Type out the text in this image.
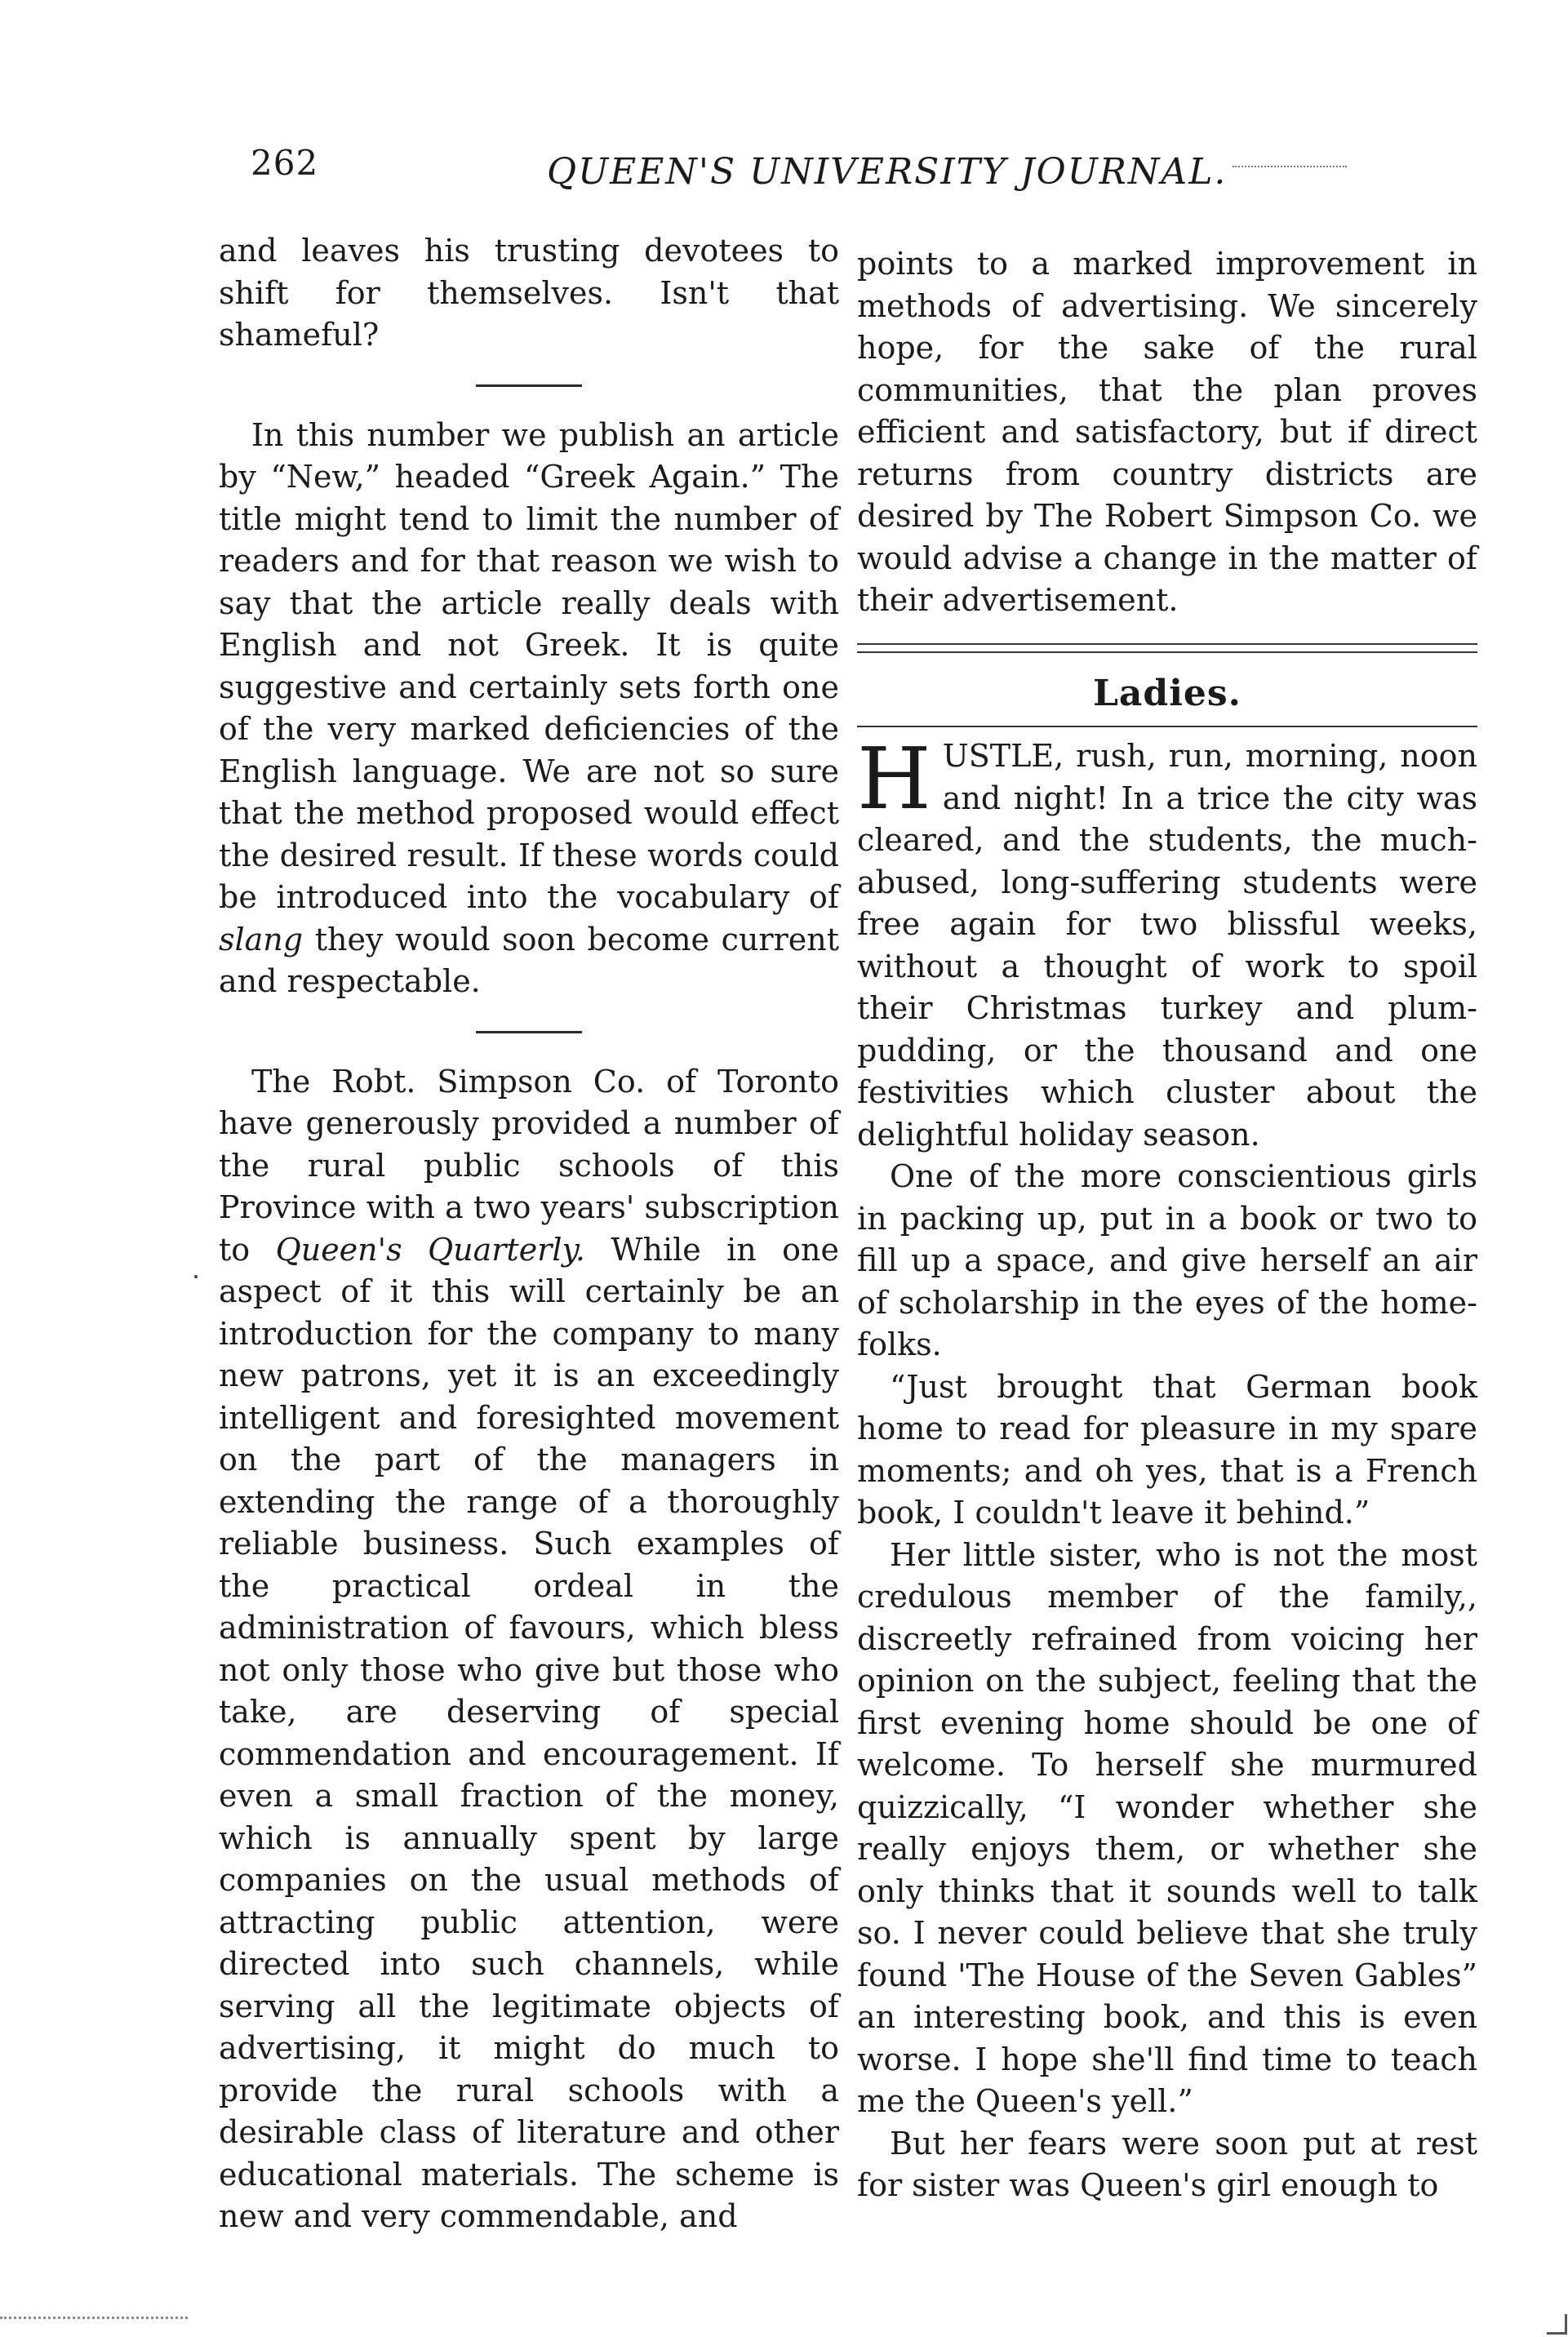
262	QUEEN'S UNIVERSITY JOURNAL.

and leaves his trusting devotees to shift for themselves. Isn't that shameful?

In this number we publish an article by “New,” headed “Greek Again.” The title might tend to limit the number of readers and for that reason we wish to say that the article really deals with English and not Greek. It is quite suggestive and certainly sets forth one of the very marked deficiencies of the English language. We are not so sure that the method proposed would effect the desired result. If these words could be introduced into the vocabulary of slang they would soon become current and respectable.

The Robt. Simpson Co. of Toronto have generously provided a number of the rural public schools of this Province with a two years' subscription to Queen's Quarterly. While in one aspect of it this will certainly be an introduction for the company to many new patrons, yet it is an exceedingly intelligent and foresighted movement on the part of the managers in extending the range of a thoroughly reliable business. Such examples of the practical ordeal in the administration of favours, which bless not only those who give but those who take, are deserving of special commendation and encouragement. If even a small fraction of the money, which is annually spent by large companies on the usual methods of attracting public attention, were directed into such channels, while serving all the legitimate objects of advertising, it might do much to provide the rural schools with a desirable class of literature and other educational materials. The scheme is new and very commendable, and

points to a marked improvement in methods of advertising. We sincerely hope, for the sake of the rural communities, that the plan proves efficient and satisfactory, but if direct returns from country districts are desired by The Robert Simpson Co. we would advise a change in the matter of their advertisement.

Ladies.

HUSTLE, rush, run, morning, noon and night! In a trice the city was cleared, and the students, the much-abused, long-suffering students were free again for two blissful weeks, without a thought of work to spoil their Christmas turkey and plum-pudding, or the thousand and one festivities which cluster about the delightful holiday season.

One of the more conscientious girls in packing up, put in a book or two to fill up a space, and give herself an air of scholarship in the eyes of the home-folks.

“Just brought that German book home to read for pleasure in my spare moments; and oh yes, that is a French book, I couldn't leave it behind.”

Her little sister, who is not the most credulous member of the family,, discreetly refrained from voicing her opinion on the subject, feeling that the first evening home should be one of welcome. To herself she murmured quizzically, “I wonder whether she really enjoys them, or whether she only thinks that it sounds well to talk so. I never could believe that she truly found 'The House of the Seven Gables” an interesting book, and this is even worse. I hope she'll find time to teach me the Queen's yell.”

But her fears were soon put at rest for sister was Queen's girl enough to
